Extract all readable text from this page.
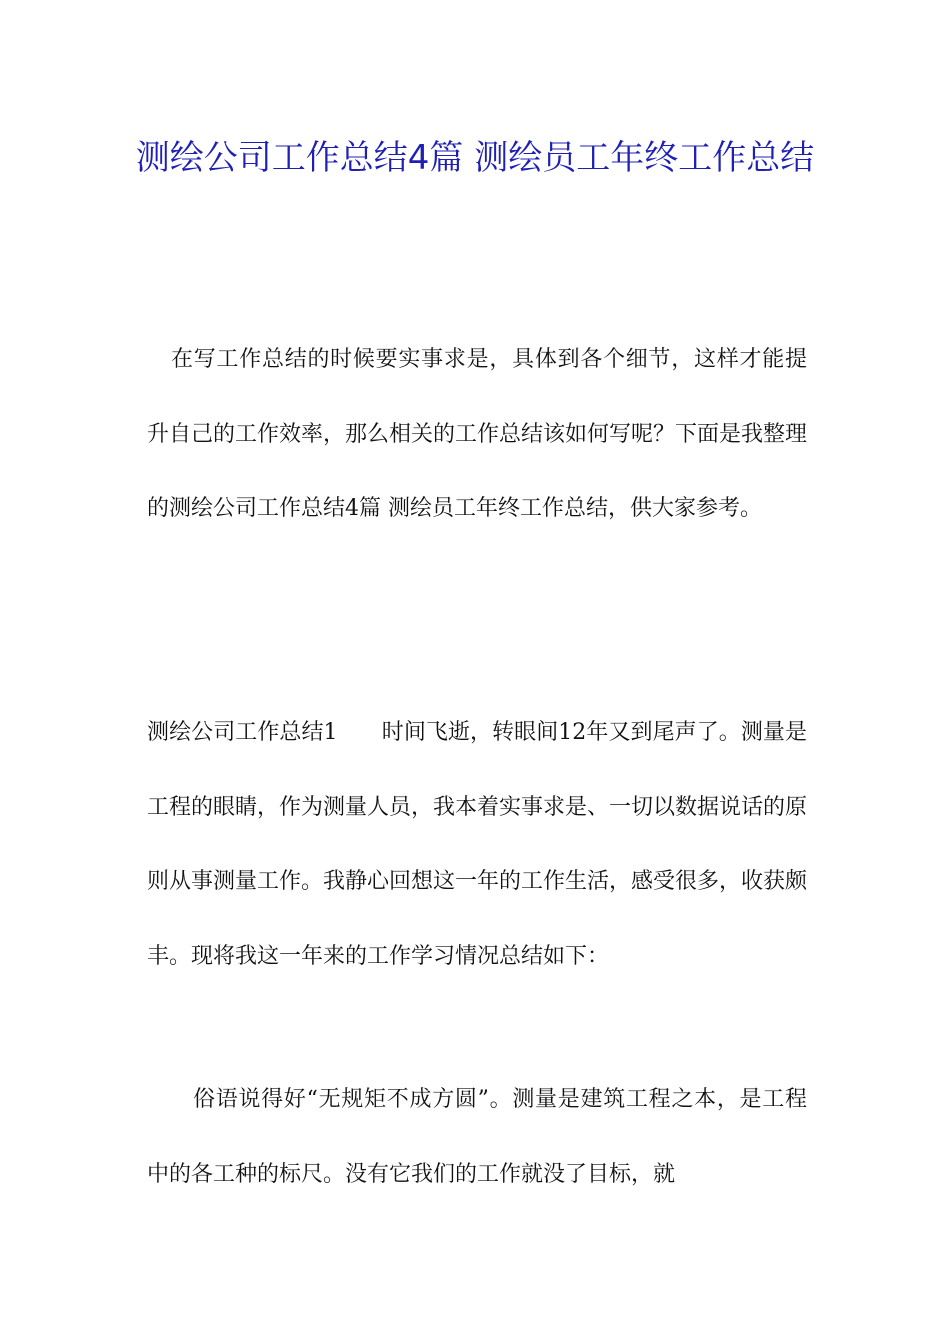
测绘公司工作总结4篇 测绘员工年终工作总结

在写工作总结的时候要实事求是，具体到各个细节，这样才能提升自己的工作效率，那么相关的工作总结该如何写呢？下面是我整理的测绘公司工作总结4篇 测绘员工年终工作总结，供大家参考。

测绘公司工作总结1　　时间飞逝，转眼间12年又到尾声了。测量是工程的眼睛，作为测量人员，我本着实事求是、一切以数据说话的原则从事测量工作。我静心回想这一年的工作生活，感受很多，收获颇丰。现将我这一年来的工作学习情况总结如下：

俗语说得好“无规矩不成方圆”。测量是建筑工程之本，是工程中的各工种的标尺。没有它我们的工作就没了目标，就
